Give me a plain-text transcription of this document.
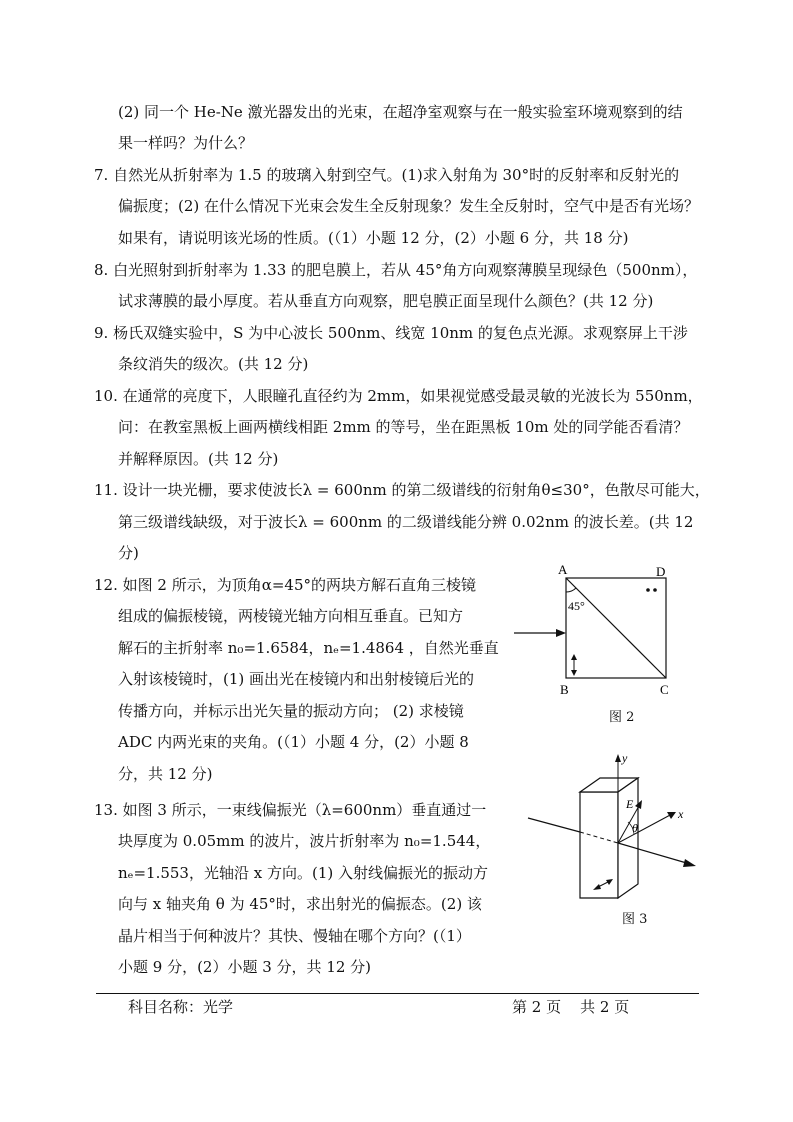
(2) 同一个 He-Ne 激光器发出的光束，在超净室观察与在一般实验室环境观察到的结
果一样吗？为什么？
7. 自然光从折射率为 1.5 的玻璃入射到空气。(1)求入射角为 30°时的反射率和反射光的
偏振度；(2) 在什么情况下光束会发生全反射现象？发生全反射时，空气中是否有光场？
如果有，请说明该光场的性质。(（1）小题 12 分，(2）小题 6 分，共 18 分)
8. 白光照射到折射率为 1.33 的肥皂膜上，若从 45°角方向观察薄膜呈现绿色（500nm），
试求薄膜的最小厚度。若从垂直方向观察，肥皂膜正面呈现什么颜色？(共 12 分)
9. 杨氏双缝实验中，S 为中心波长 500nm、线宽 10nm 的复色点光源。求观察屏上干涉
条纹消失的级次。(共 12 分)
10. 在通常的亮度下，人眼瞳孔直径约为 2mm，如果视觉感受最灵敏的光波长为 550nm，
问：在教室黑板上画两横线相距 2mm 的等号，坐在距黑板 10m 处的同学能否看清？
并解释原因。(共 12 分)
11. 设计一块光栅，要求使波长λ = 600nm 的第二级谱线的衍射角θ≤30°，色散尽可能大，
第三级谱线缺级，对于波长λ = 600nm 的二级谱线能分辨 0.02nm 的波长差。(共 12
分)
12. 如图 2 所示，为顶角α=45°的两块方解石直角三棱镜
组成的偏振棱镜，两棱镜光轴方向相互垂直。已知方
解石的主折射率 n₀=1.6584，nₑ=1.4864 ，自然光垂直
入射该棱镜时，(1) 画出光在棱镜内和出射棱镜后光的
传播方向，并标示出光矢量的振动方向； (2) 求棱镜
ADC 内两光束的夹角。(（1）小题 4 分，(2）小题 8
分，共 12 分)
13. 如图 3 所示，一束线偏振光（λ=600nm）垂直通过一
块厚度为 0.05mm 的波片，波片折射率为 n₀=1.544，
nₑ=1.553，光轴沿 x 方向。(1) 入射线偏振光的振动方
向与 x 轴夹角 θ 为 45°时，求出射光的偏振态。(2) 该
晶片相当于何种波片？其快、慢轴在哪个方向？(（1）
小题 9 分，(2）小题 3 分，共 12 分)
A	D
B	C
45°
图 2
y
x
E
θ
图 3
科目名称：光学	第 2 页    共 2 页
